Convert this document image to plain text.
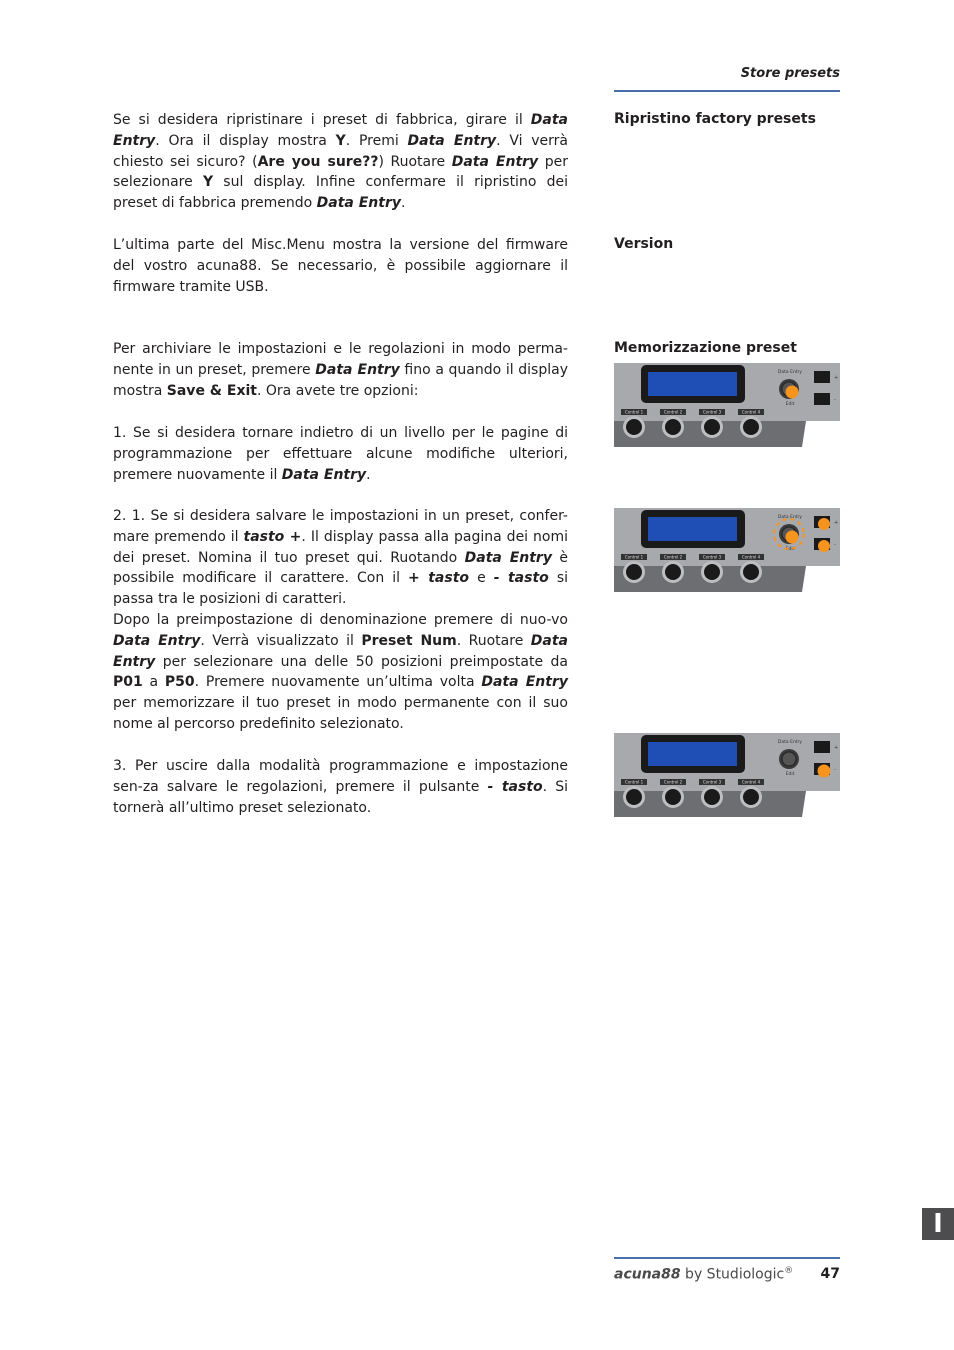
Store presets

Se si desidera ripristinare i preset di fabbrica, girare il Data Entry. Ora il display mostra Y. Premi Data Entry. Vi verrà chiesto sei sicuro? (Are you sure??) Ruotare Data Entry per selezionare Y sul display. Infine confermare il ripristino dei preset di fabbrica premendo Data Entry.

L’ultima parte del Misc.Menu mostra la versione del firmware del vostro acuna88. Se necessario, è possibile aggiornare il firmware tramite USB.

Per archiviare le impostazioni e le regolazioni in modo perma-nente in un preset, premere Data Entry fino a quando il display mostra Save & Exit. Ora avete tre opzioni:

1. Se si desidera tornare indietro di un livello per le pagine di programmazione per effettuare alcune modifiche ulteriori, premere nuovamente il Data Entry.

2. 1. Se si desidera salvare le impostazioni in un preset, confer-mare premendo il tasto +. Il display passa alla pagina dei nomi dei preset. Nomina il tuo preset qui. Ruotando Data Entry è possibile modificare il carattere. Con il + tasto e - tasto si passa tra le posizioni di caratteri.
Dopo la preimpostazione di denominazione premere di nuo-vo Data Entry. Verrà visualizzato il Preset Num. Ruotare Data Entry per selezionare una delle 50 posizioni preimpostate da P01 a P50. Premere nuovamente un’ultima volta Data Entry per memorizzare il tuo preset in modo permanente con il suo nome al percorso predefinito selezionato.

3. Per uscire dalla modalità programmazione e impostazione sen-za salvare le regolazioni, premere il pulsante - tasto. Si tornerà all’ultimo preset selezionato.

Ripristino factory presets
Version
Memorizzazione preset
Data Entry
Edit
+
-
Control 1	Control 2	Control 3	Control 4
Data Entry
Edit
+
-
Control 1	Control 2	Control 3	Control 4
Data Entry
Edit
+
-
Control 1	Control 2	Control 3	Control 4
acuna88 by Studiologic®	47
I
